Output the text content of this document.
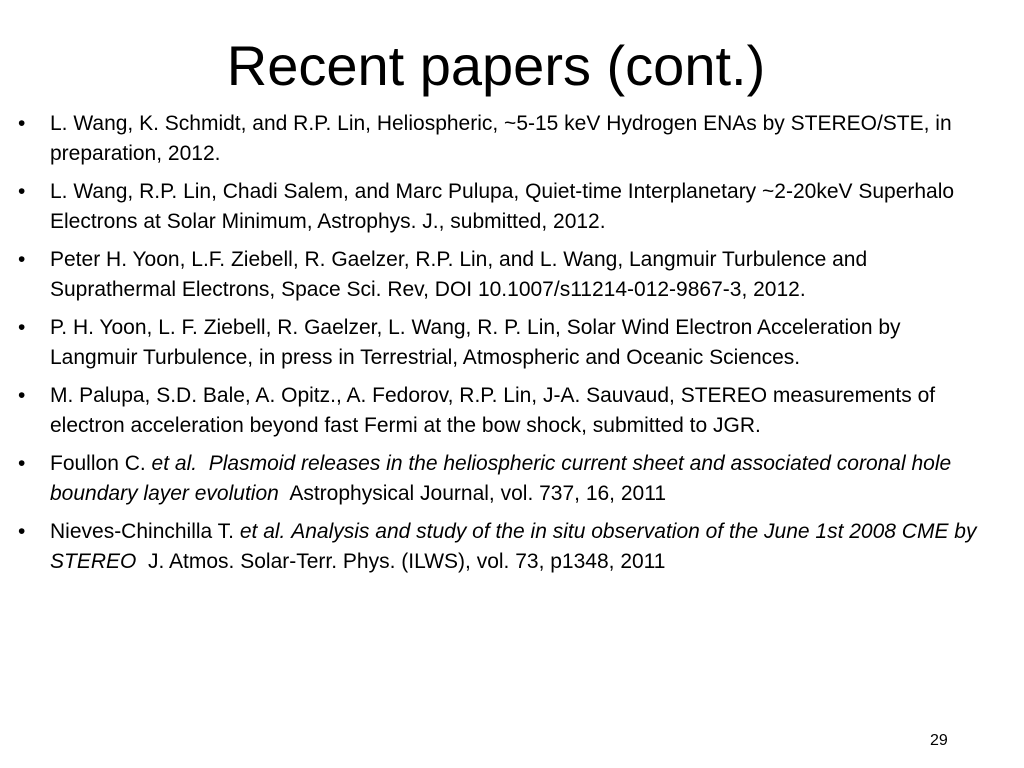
Recent papers (cont.)
•	L. Wang, K. Schmidt, and R.P. Lin, Heliospheric, ~5-15 keV Hydrogen ENAs by STEREO/STE, in preparation, 2012.
•	L. Wang, R.P. Lin, Chadi Salem, and Marc Pulupa, Quiet-time Interplanetary ~2-20keV Superhalo Electrons at Solar Minimum, Astrophys. J., submitted, 2012.
•	Peter H. Yoon, L.F. Ziebell, R. Gaelzer, R.P. Lin, and L. Wang, Langmuir Turbulence and Suprathermal Electrons, Space Sci. Rev, DOI 10.1007/s11214-012-9867-3, 2012.
•	P. H. Yoon, L. F. Ziebell, R. Gaelzer, L. Wang, R. P. Lin, Solar Wind Electron Acceleration by Langmuir Turbulence, in press in Terrestrial, Atmospheric and Oceanic Sciences.
•	M. Palupa, S.D. Bale, A. Opitz., A. Fedorov, R.P. Lin, J-A. Sauvaud, STEREO measurements of electron acceleration beyond fast Fermi at the bow shock, submitted to JGR.
•	Foullon C. et al. Plasmoid releases in the heliospheric current sheet and associated coronal hole boundary layer evolution Astrophysical Journal, vol. 737, 16, 2011
•	Nieves-Chinchilla T. et al. Analysis and study of the in situ observation of the June 1st 2008 CME by STEREO J. Atmos. Solar-Terr. Phys. (ILWS), vol. 73, p1348, 2011
29
